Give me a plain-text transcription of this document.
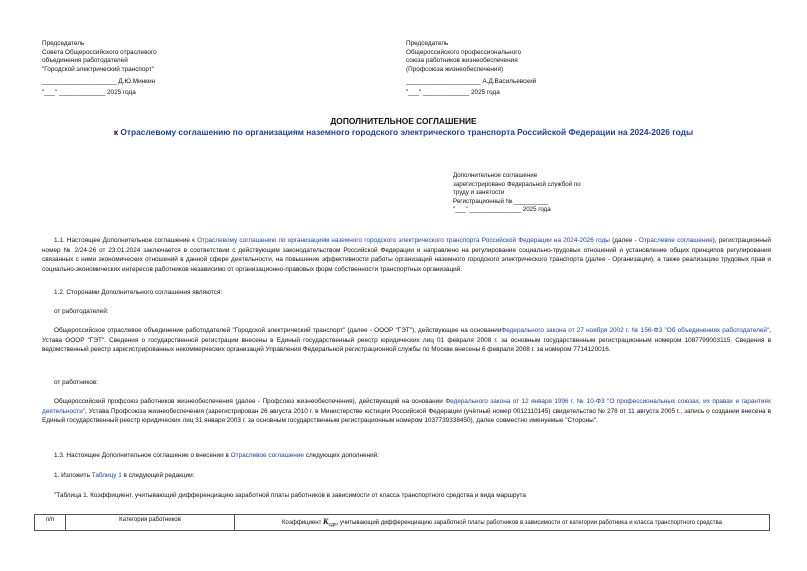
Председатель
Совета Общероссийского отраслевого
объединения работодателей
"Городской электрический транспорт"
_____________________ Д.Ю.Минкин
"___" _____________ 2025 года
Председатель
Общероссийского профессионального
союза работников жизнеобеспечения
(Профсоюза жизнеобеспечения)
_____________________ А.Д.Васильевский
"___" _____________ 2025 года
ДОПОЛНИТЕЛЬНОЕ СОГЛАШЕНИЕ
к Отраслевому соглашению по организациям наземного городского электрического транспорта Российской Федерации на 2024-2026 годы
Дополнительное соглашение
зарегистрировано Федеральной службой по
труду и занятости
Регистрационный № __________
"___" _______________ 2025 года
1.1. Настоящее Дополнительное соглашение к Отраслевому соглашению по организациям наземного городского электрического транспорта Российской Федерации на 2024-2026 годы (далее - Отраслевое соглашение), регистрационный номер № 2/24-26 от 23.01.2024 заключается в соответствии с действующим законодательством Российской Федерации и направлено на регулирование социально-трудовых отношений и установление общих принципов регулирования связанных с ними экономических отношений в данной сфере деятельности, на повышение эффективности работы организаций наземного городского электрического транспорта (далее - Организации), а также реализацию трудовых прав и социально-экономических интересов работников независимо от организационно-правовых форм собственности транспортных организаций.
1.2. Сторонами Дополнительного соглашения являются:
от работодателей:
Общероссийское отраслевое объединение работодателей "Городской электрический транспорт" (далее - ОООР "ГЭТ"), действующее на основанииФедерального закона от 27 ноября 2002 г. № 156-ФЗ "Об объединениях работодателей", Устава ОООР "ГЭТ". Сведения о государственной регистрации внесены в Единый государственный реестр юридических лиц 01 февраля 2008 г. за основным государственным регистрационным номером 1087799003115. Сведения в ведомственный реестр зарегистрированных некоммерческих организаций Управления Федеральной регистрационной службы по Москве внесены 6 февраля 2008 г. за номером 7714120016.
от работников:
Общероссийский профсоюз работников жизнеобеспечения (далее - Профсоюз жизнеобеспечения), действующий на основании Федерального закона от 12 января 1996 г. № 10-ФЗ "О профессиональных союзах, их правах и гарантиях деятельности", Устава Профсоюза жизнеобеспечения (зарегистрирован 26 августа 2010 г. в Министерстве юстиции Российской Федерации (учётный номер 0012110145) свидетельство № 278 от 11 августа 2005 г., запись о создании внесена в Единый государственный реестр юридических лиц 31 января 2003 г. за основным государственным регистрационным номером 1037739338450), далее совместно именуемые "Стороны".
1.3. Настоящее Дополнительное соглашение о внесении в Отраслевое соглашение следующих дополнений:
1. Изложить Таблицу 1 в следующей редакции:
"Таблица 1. Коэффициент, учитывающий дифференциацию заработной платы работников в зависимости от класса транспортного средства и вида маршрута
п/п	Категория работников	Коэффициент $К_{сдп}$, учитывающий дифференциацию заработной платы работников в зависимости от категории работника и класса транспортного средства
